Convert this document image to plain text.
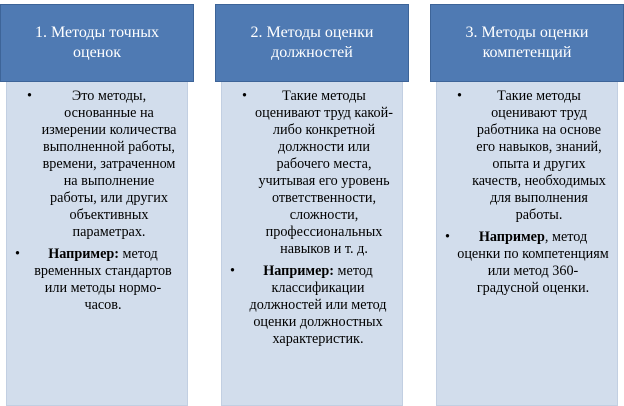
1. Методы точных оценок
•	Это методы, основанные на измерении количества выполненной работы, времени, затраченном на выполнение работы, или других объективных параметрах.
• Например: метод временных стандартов или методы нормо-часов.
2. Методы оценки должностей
• Такие методы оценивают труд какой-либо конкретной должности или рабочего места, учитывая его уровень ответственности, сложности, профессиональных навыков и т. д.
• Например: метод классификации должностей или метод оценки должностных характеристик.
3. Методы оценки компетенций
• Такие методы оценивают труд работника на основе его навыков, знаний, опыта и других качеств, необходимых для выполнения работы.
• Например, метод оценки по компетенциям или метод 360-градусной оценки.
